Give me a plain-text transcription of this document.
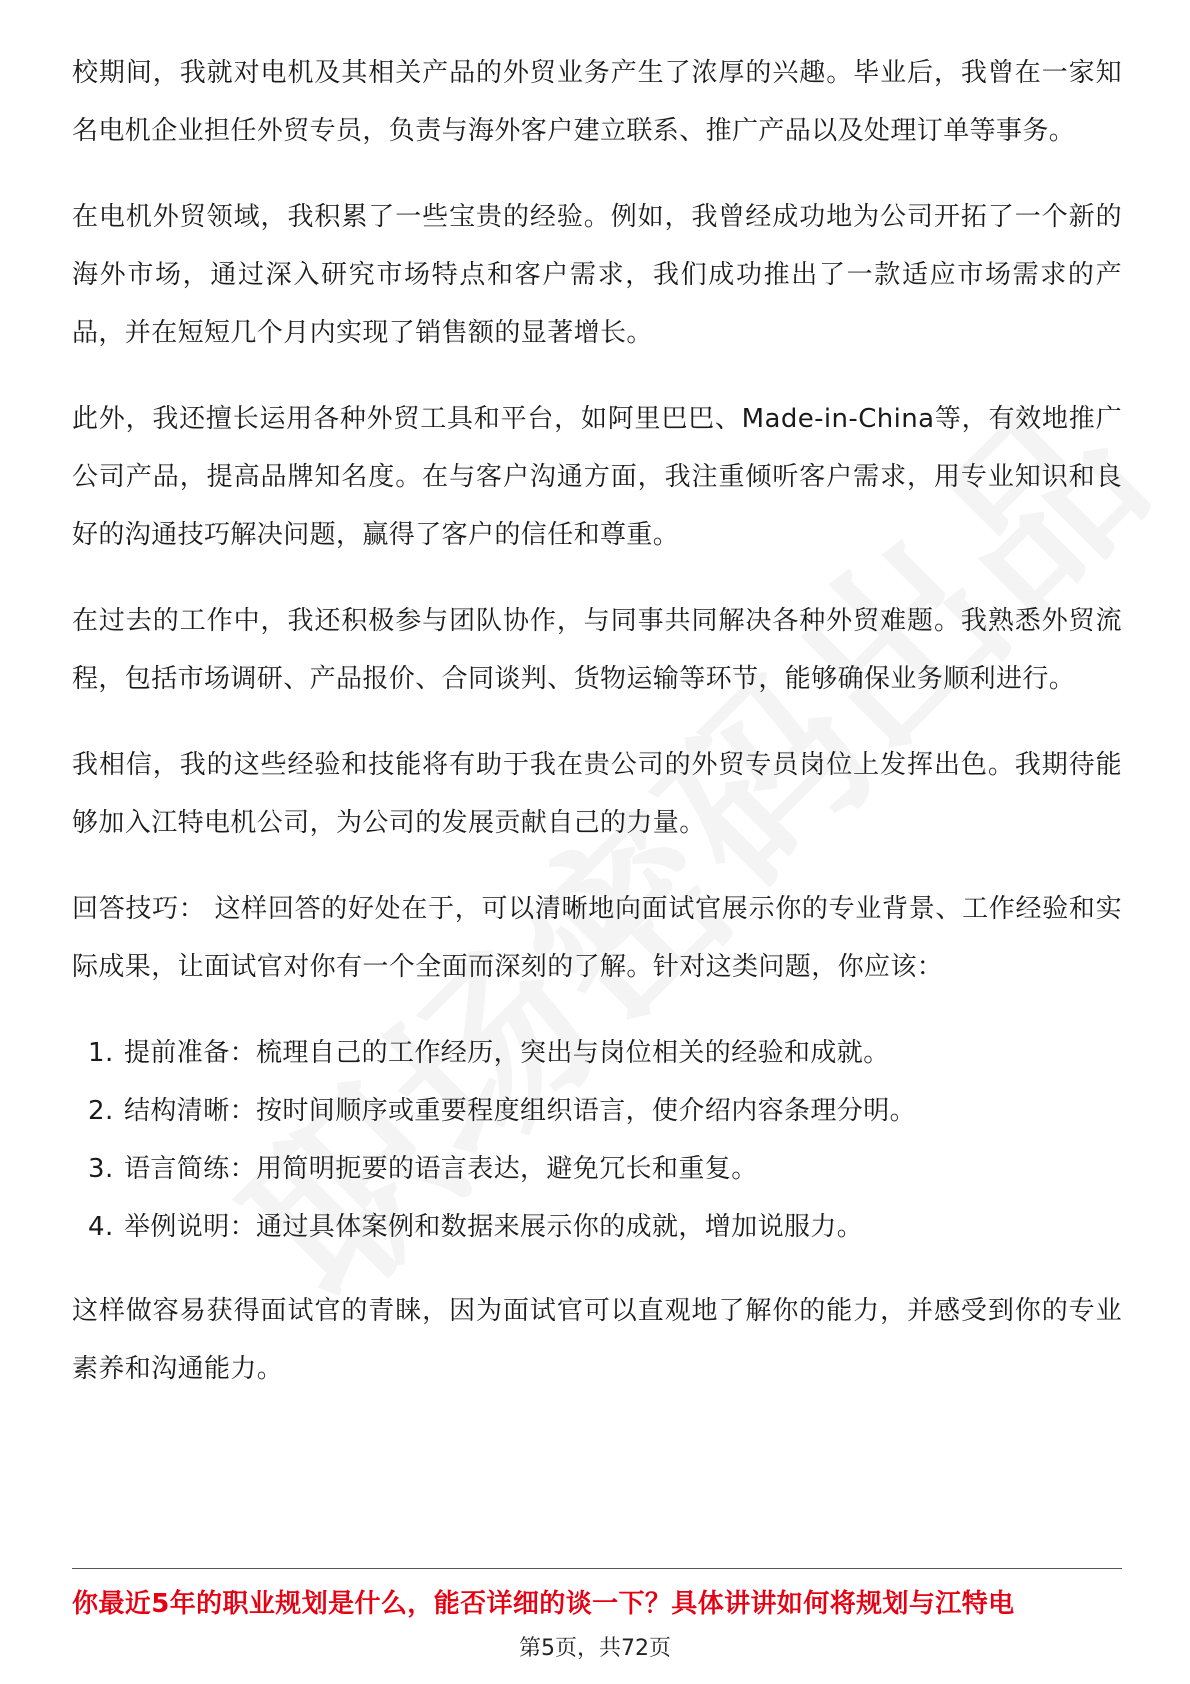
校期间，我就对电机及其相关产品的外贸业务产生了浓厚的兴趣。毕业后，我曾在一家知名电机企业担任外贸专员，负责与海外客户建立联系、推广产品以及处理订单等事务。

在电机外贸领域，我积累了一些宝贵的经验。例如，我曾经成功地为公司开拓了一个新的海外市场，通过深入研究市场特点和客户需求，我们成功推出了一款适应市场需求的产品，并在短短几个月内实现了销售额的显著增长。

此外，我还擅长运用各种外贸工具和平台，如阿里巴巴、Made-in-China等，有效地推广公司产品，提高品牌知名度。在与客户沟通方面，我注重倾听客户需求，用专业知识和良好的沟通技巧解决问题，赢得了客户的信任和尊重。

在过去的工作中，我还积极参与团队协作，与同事共同解决各种外贸难题。我熟悉外贸流程，包括市场调研、产品报价、合同谈判、货物运输等环节，能够确保业务顺利进行。

我相信，我的这些经验和技能将有助于我在贵公司的外贸专员岗位上发挥出色。我期待能够加入江特电机公司，为公司的发展贡献自己的力量。

回答技巧： 这样回答的好处在于，可以清晰地向面试官展示你的专业背景、工作经验和实际成果，让面试官对你有一个全面而深刻的了解。针对这类问题，你应该：

1. 提前准备：梳理自己的工作经历，突出与岗位相关的经验和成就。
2. 结构清晰：按时间顺序或重要程度组织语言，使介绍内容条理分明。
3. 语言简练：用简明扼要的语言表达，避免冗长和重复。
4. 举例说明：通过具体案例和数据来展示你的成就，增加说服力。

这样做容易获得面试官的青睐，因为面试官可以直观地了解你的能力，并感受到你的专业素养和沟通能力。

你最近5年的职业规划是什么，能否详细的谈一下？具体讲讲如何将规划与江特电

第5页，共72页
